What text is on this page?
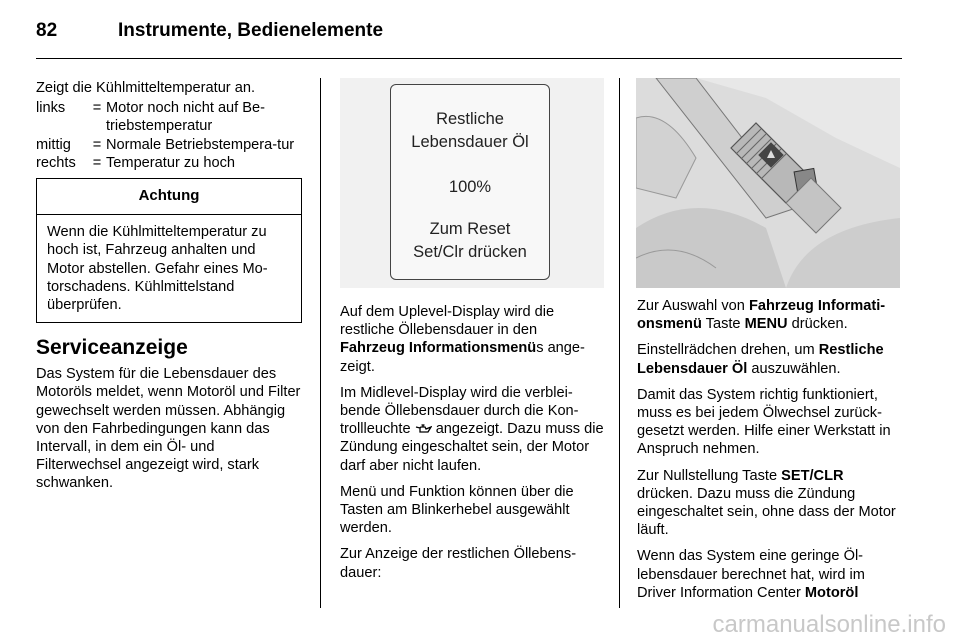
82	Instrumente, Bedienelemente

Zeigt die Kühlmitteltemperatur an.

links	= Motor noch nicht auf Be-triebstemperatur
mittig	= Normale Betriebstempera-tur
rechts	= Temperatur zu hoch
Achtung
Wenn die Kühlmitteltemperatur zu hoch ist, Fahrzeug anhalten und Motor abstellen. Gefahr eines Mo-torschadens. Kühlmittelstand überprüfen.
Serviceanzeige

Das System für die Lebensdauer des Motoröls meldet, wenn Motoröl und Filter gewechselt werden müssen. Abhängig von den Fahrbedingungen kann das Intervall, in dem ein Öl- und Filterwechsel angezeigt wird, stark schwanken.

Restliche
Lebensdauer Öl
100%
Zum Reset
Set/Clr drücken

Auf dem Uplevel-Display wird die restliche Öllebensdauer in den Fahrzeug Informationsmenüs ange-zeigt.

Im Midlevel-Display wird die verblei-bende Öllebensdauer durch die Kon-trollleuchte  angezeigt. Dazu muss die Zündung eingeschaltet sein, der Motor darf aber nicht laufen.

Menü und Funktion können über die Tasten am Blinkerhebel ausgewählt werden.

Zur Anzeige der restlichen Öllebens-dauer:

Zur Auswahl von Fahrzeug Informati-onsmenü Taste MENU drücken.

Einstellrädchen drehen, um Restliche Lebensdauer Öl auszuwählen.

Damit das System richtig funktioniert, muss es bei jedem Ölwechsel zurück-gesetzt werden. Hilfe einer Werkstatt in Anspruch nehmen.

Zur Nullstellung Taste SET/CLR drücken. Dazu muss die Zündung eingeschaltet sein, ohne dass der Motor läuft.

Wenn das System eine geringe Öl-lebensdauer berechnet hat, wird im Driver Information Center Motoröl

carmanualsonline.info
